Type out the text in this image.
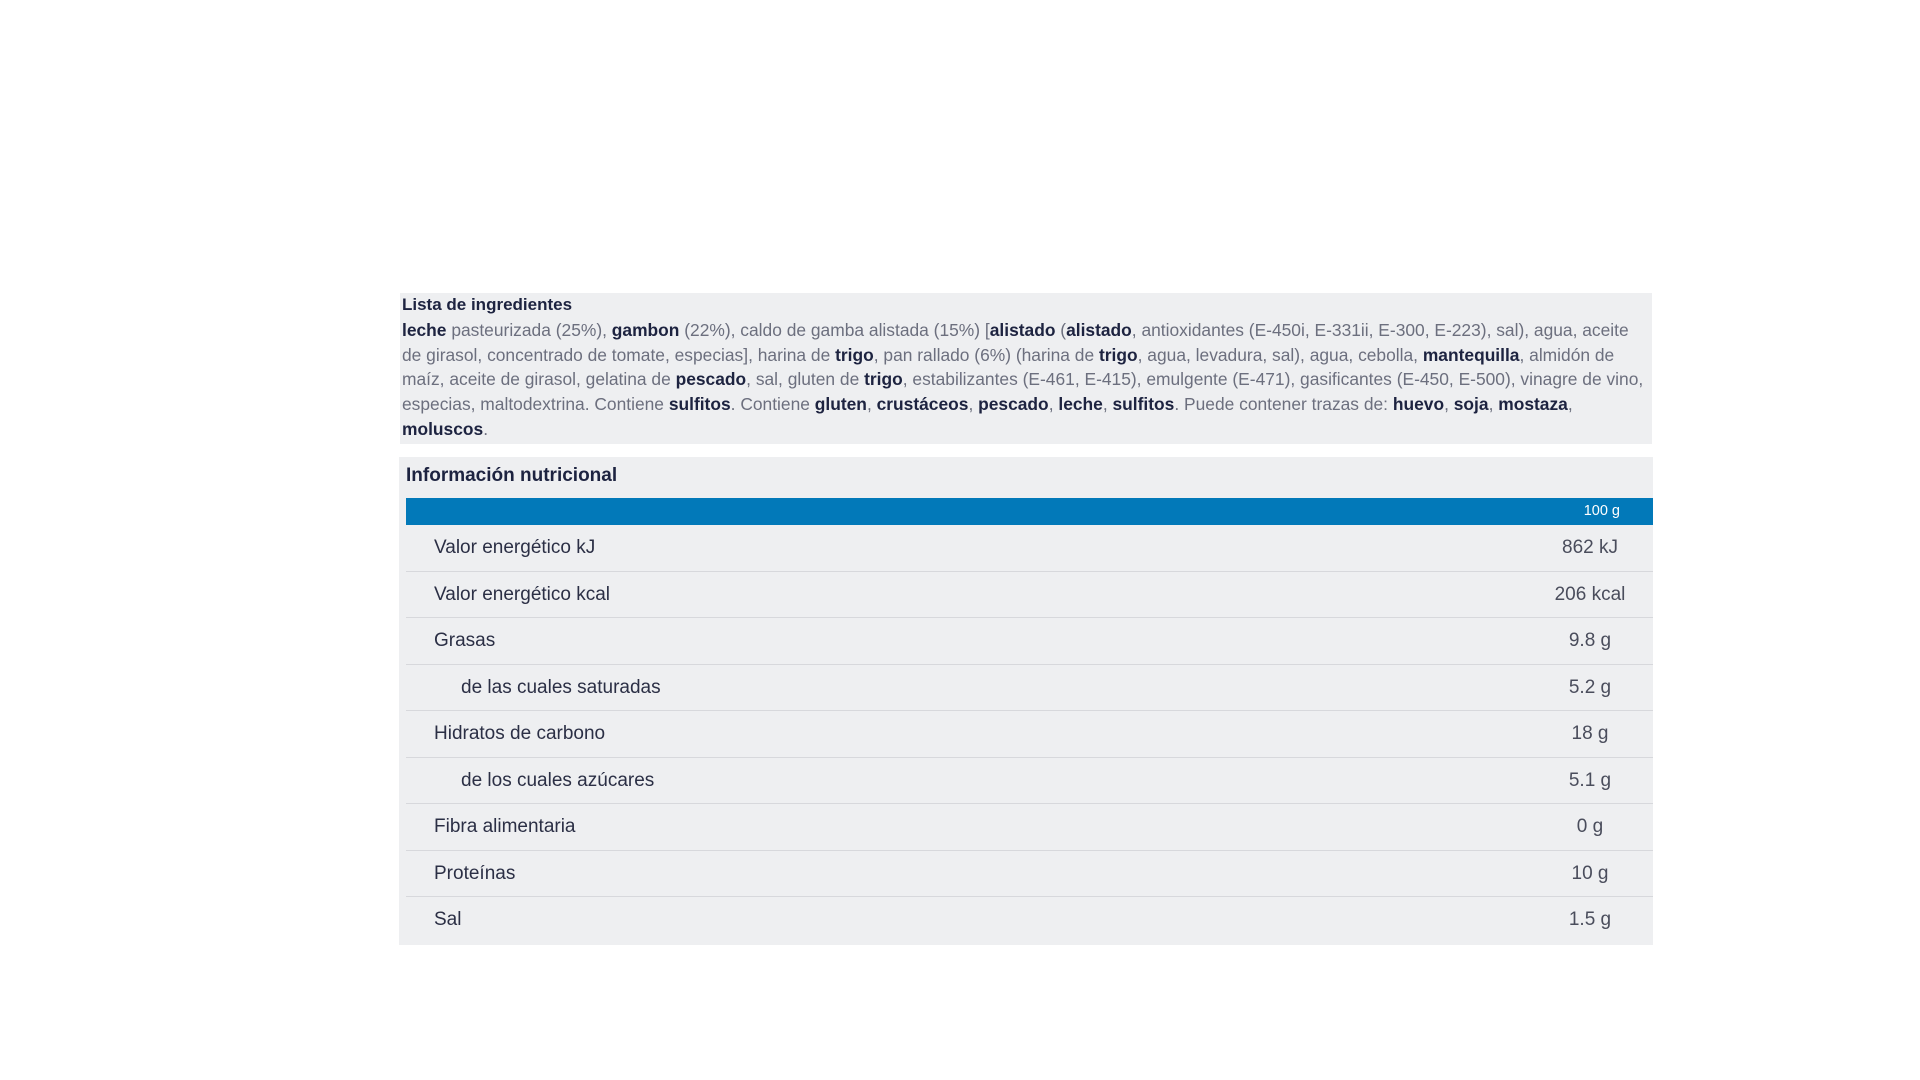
Lista de ingredientes
leche pasteurizada (25%), gambon (22%), caldo de gamba alistada (15%) [alistado (alistado, antioxidantes (E-450i, E-331ii, E-300, E-223), sal), agua, aceite de girasol, concentrado de tomate, especias], harina de trigo, pan rallado (6%) (harina de trigo, agua, levadura, sal), agua, cebolla, mantequilla, almidón de maíz, aceite de girasol, gelatina de pescado, sal, gluten de trigo, estabilizantes (E-461, E-415), emulgente (E-471), gasificantes (E-450, E-500), vinagre de vino, especias, maltodextrina. Contiene sulfitos. Contiene gluten, crustáceos, pescado, leche, sulfitos. Puede contener trazas de: huevo, soja, mostaza, moluscos.
Información nutricional
100 g
Valor energético kJ	862 kJ
Valor energético kcal	206 kcal
Grasas	9.8 g
de las cuales saturadas	5.2 g
Hidratos de carbono	18 g
de los cuales azúcares	5.1 g
Fibra alimentaria	0 g
Proteínas	10 g
Sal	1.5 g
